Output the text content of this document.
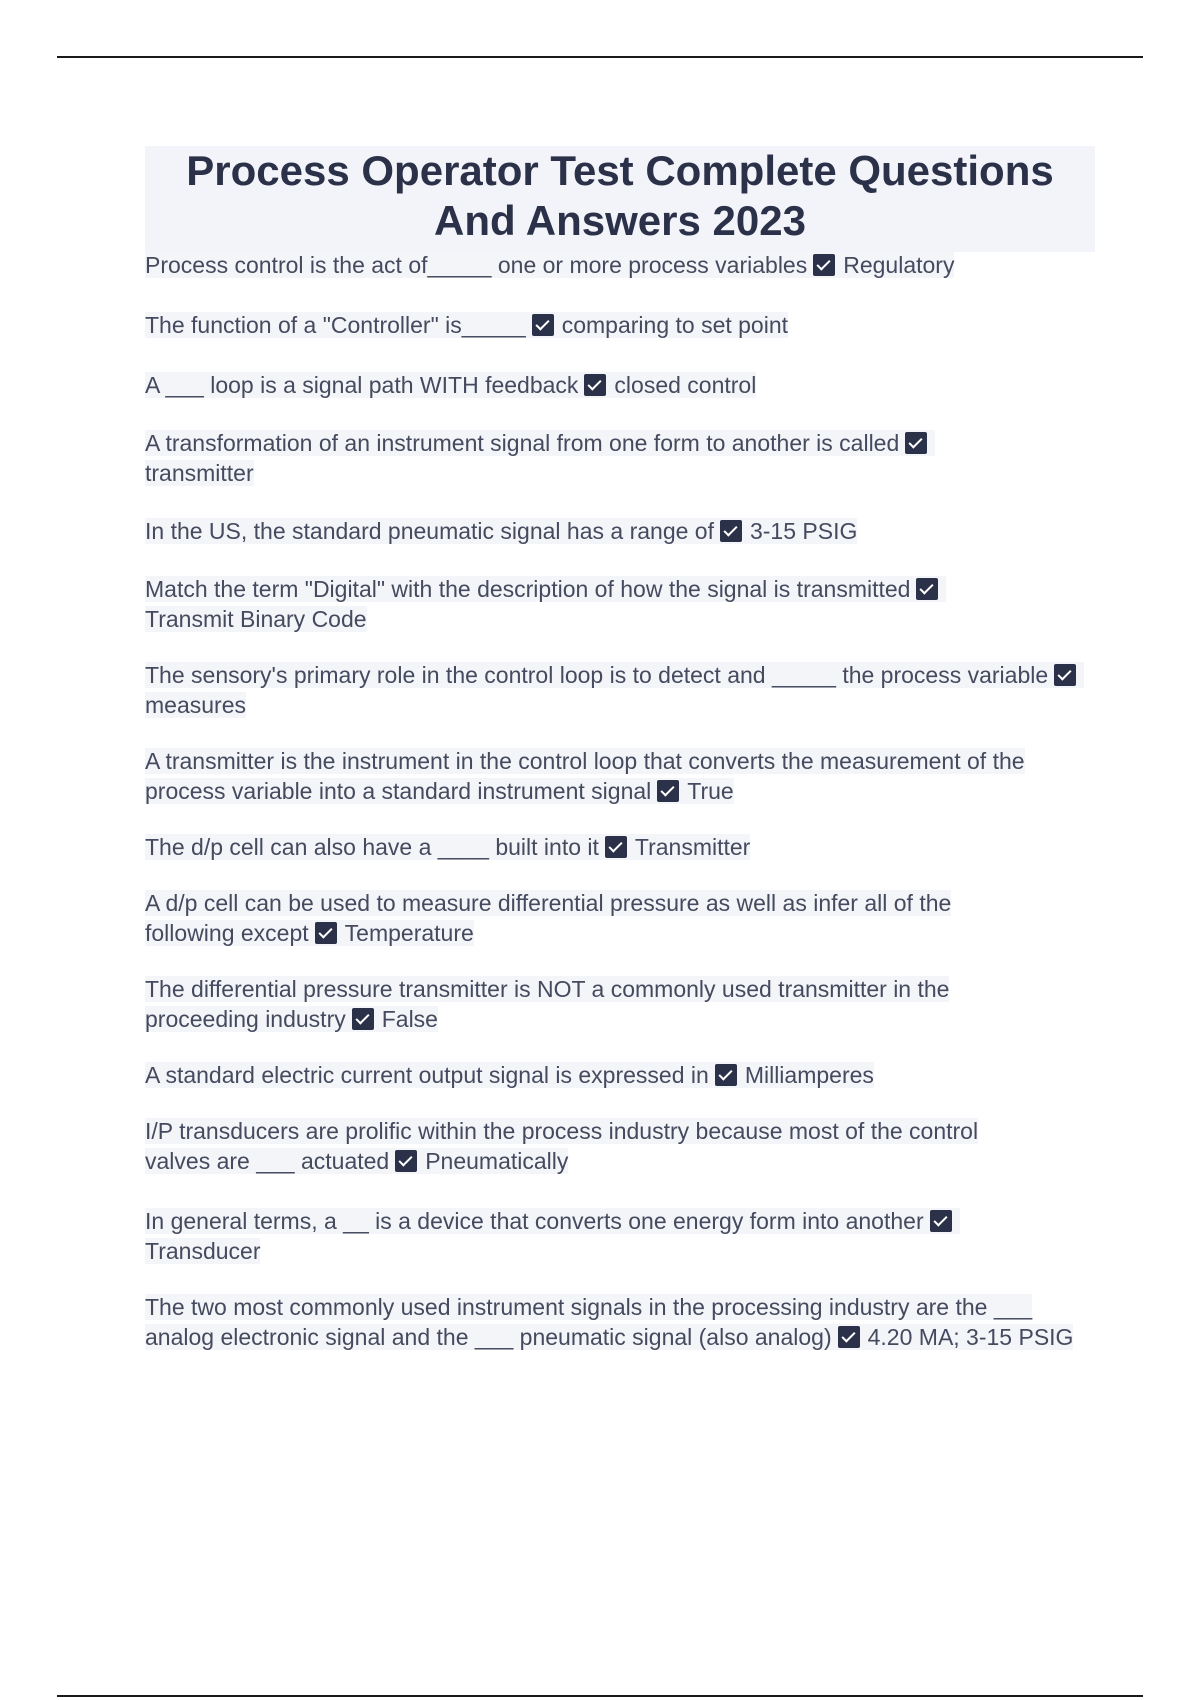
Process Operator Test Complete Questions And Answers 2023

Process control is the act of_____ one or more process variables Regulatory

The function of a "Controller" is_____ comparing to set point

A ___ loop is a signal path WITH feedback closed control

A transformation of an instrument signal from one form to another is calledtransmitter

In the US, the standard pneumatic signal has a range of 3-15 PSIG

Match the term "Digital" with the description of how the signal is transmittedTransmit Binary Code

The sensory's primary role in the control loop is to detect and _____ the process variablemeasures

A transmitter is the instrument in the control loop that converts the measurement of the process variable into a standard instrument signal True

The d/p cell can also have a ____ built into it Transmitter

A d/p cell can be used to measure differential pressure as well as infer all of the following except Temperature

The differential pressure transmitter is NOT a commonly used transmitter in the proceeding industry False

A standard electric current output signal is expressed in Milliamperes

I/P transducers are prolific within the process industry because most of the control valves are ___ actuated Pneumatically

In general terms, a __ is a device that converts one energy form into anotherTransducer

The two most commonly used instrument signals in the processing industry are the ___ analog electronic signal and the ___ pneumatic signal (also analog) 4.20 MA; 3-15 PSIG
